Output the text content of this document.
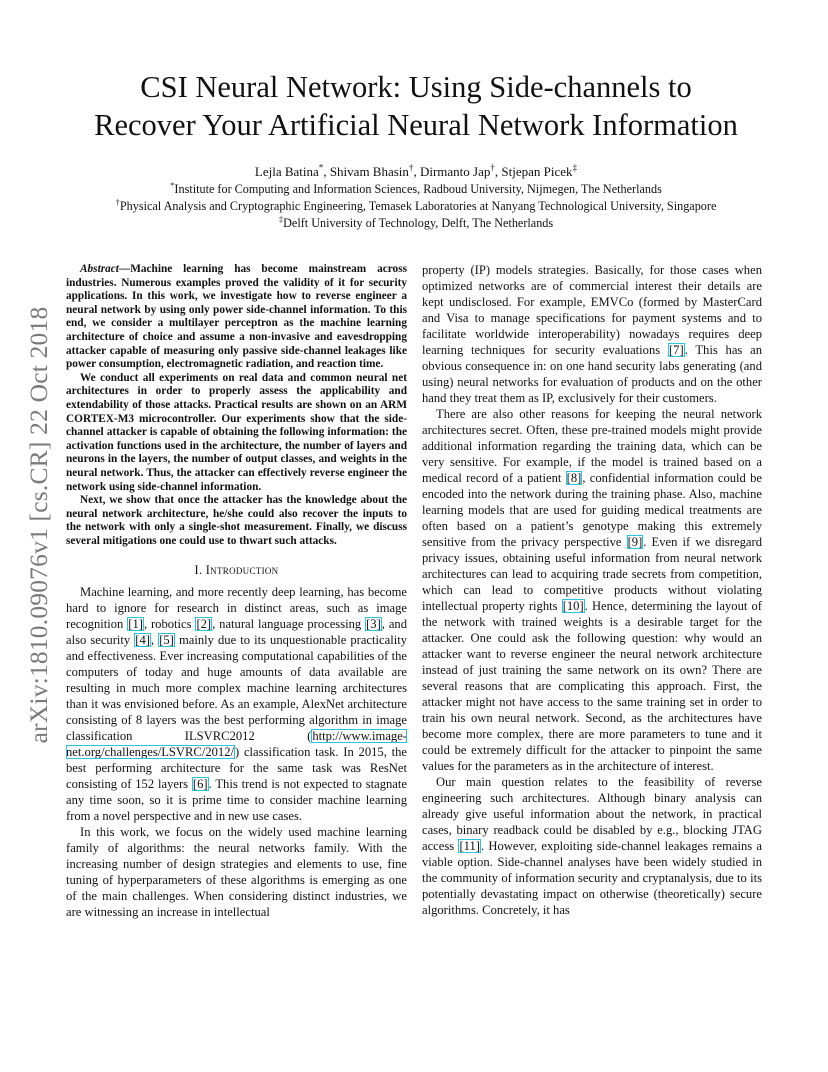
arXiv:1810.09076v1 [cs.CR] 22 Oct 2018
CSI Neural Network: Using Side-channels to
Recover Your Artificial Neural Network Information
Lejla Batina*, Shivam Bhasin†, Dirmanto Jap†, Stjepan Picek‡
*Institute for Computing and Information Sciences, Radboud University, Nijmegen, The Netherlands
†Physical Analysis and Cryptographic Engineering, Temasek Laboratories at Nanyang Technological University, Singapore
‡Delft University of Technology, Delft, The Netherlands

Abstract—Machine learning has become mainstream across industries. Numerous examples proved the validity of it for security applications. In this work, we investigate how to reverse engineer a neural network by using only power side-channel information. To this end, we consider a multilayer perceptron as the machine learning architecture of choice and assume a non-invasive and eavesdropping attacker capable of measuring only passive side-channel leakages like power consumption, electromagnetic radiation, and reaction time.

We conduct all experiments on real data and common neural net architectures in order to properly assess the applicability and extendability of those attacks. Practical results are shown on an ARM CORTEX-M3 microcontroller. Our experiments show that the side-channel attacker is capable of obtaining the following information: the activation functions used in the architecture, the number of layers and neurons in the layers, the number of output classes, and weights in the neural network. Thus, the attacker can effectively reverse engineer the network using side-channel information.

Next, we show that once the attacker has the knowledge about the neural network architecture, he/she could also recover the inputs to the network with only a single-shot measurement. Finally, we discuss several mitigations one could use to thwart such attacks.

I. Introduction

Machine learning, and more recently deep learning, has become hard to ignore for research in distinct areas, such as image recognition [1], robotics [2], natural language processing [3], and also security [4], [5] mainly due to its unquestionable practicality and effectiveness. Ever increasing computational capabilities of the computers of today and huge amounts of data available are resulting in much more complex machine learning architectures than it was envisioned before. As an example, AlexNet architecture consisting of 8 layers was the best performing algorithm in image classification ILSVRC2012 (http://www.image-net.org/challenges/LSVRC/2012/) classification task. In 2015, the best performing architecture for the same task was ResNet consisting of 152 layers [6]. This trend is not expected to stagnate any time soon, so it is prime time to consider machine learning from a novel perspective and in new use cases.

In this work, we focus on the widely used machine learning family of algorithms: the neural networks family. With the increasing number of design strategies and elements to use, fine tuning of hyperparameters of these algorithms is emerging as one of the main challenges. When considering distinct industries, we are witnessing an increase in intellectual

property (IP) models strategies. Basically, for those cases when optimized networks are of commercial interest their details are kept undisclosed. For example, EMVCo (formed by MasterCard and Visa to manage specifications for payment systems and to facilitate worldwide interoperability) nowadays requires deep learning techniques for security evaluations [7]. This has an obvious consequence in: on one hand security labs generating (and using) neural networks for evaluation of products and on the other hand they treat them as IP, exclusively for their customers.

There are also other reasons for keeping the neural network architectures secret. Often, these pre-trained models might provide additional information regarding the training data, which can be very sensitive. For example, if the model is trained based on a medical record of a patient [8], confidential information could be encoded into the network during the training phase. Also, machine learning models that are used for guiding medical treatments are often based on a patient’s genotype making this extremely sensitive from the privacy perspective [9]. Even if we disregard privacy issues, obtaining useful information from neural network architectures can lead to acquiring trade secrets from competition, which can lead to competitive products without violating intellectual property rights [10]. Hence, determining the layout of the network with trained weights is a desirable target for the attacker. One could ask the following question: why would an attacker want to reverse engineer the neural network architecture instead of just training the same network on its own? There are several reasons that are complicating this approach. First, the attacker might not have access to the same training set in order to train his own neural network. Second, as the architectures have become more complex, there are more parameters to tune and it could be extremely difficult for the attacker to pinpoint the same values for the parameters as in the architecture of interest.

Our main question relates to the feasibility of reverse engineering such architectures. Although binary analysis can already give useful information about the network, in practical cases, binary readback could be disabled by e.g., blocking JTAG access [11]. However, exploiting side-channel leakages remains a viable option. Side-channel analyses have been widely studied in the community of information security and cryptanalysis, due to its potentially devastating impact on otherwise (theoretically) secure algorithms. Concretely, it has
